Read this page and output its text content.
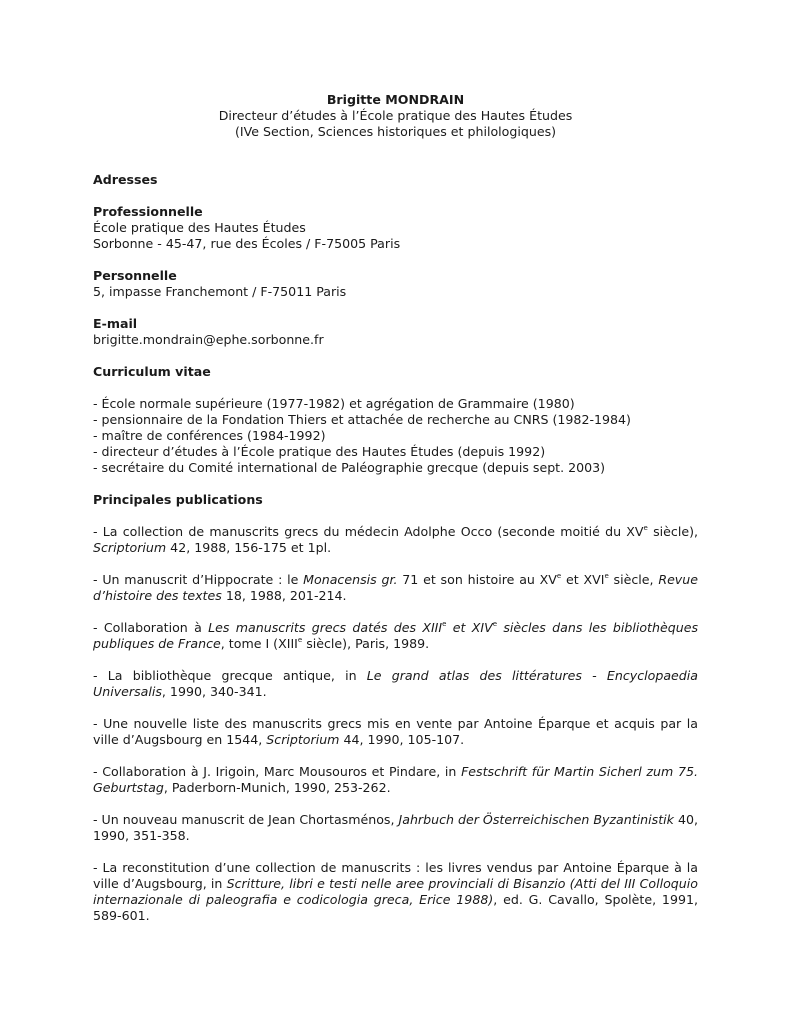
Brigitte MONDRAIN
Directeur d’études à l’École pratique des Hautes Études
(IVe Section, Sciences historiques et philologiques)
Adresses
Professionnelle
École pratique des Hautes Études
Sorbonne - 45-47, rue des Écoles / F-75005 Paris
Personnelle
5, impasse Franchemont / F-75011 Paris
E-mail
brigitte.mondrain@ephe.sorbonne.fr
Curriculum vitae
- École normale supérieure (1977-1982) et agrégation de Grammaire (1980)
- pensionnaire de la Fondation Thiers et attachée de recherche au CNRS (1982-1984)
- maître de conférences (1984-1992)
- directeur d’études à l’École pratique des Hautes Études (depuis 1992)
- secrétaire du Comité international de Paléographie grecque (depuis sept. 2003)
Principales publications

- La collection de manuscrits grecs du médecin Adolphe Occo (seconde moitié du XVe siècle), Scriptorium 42, 1988, 156-175 et 1pl.

- Un manuscrit d’Hippocrate : le Monacensis gr. 71 et son histoire au XVe et XVIe siècle, Revue d’histoire des textes 18, 1988, 201-214.

- Collaboration à Les manuscrits grecs datés des XIIIe et XIVe siècles dans les bibliothèques publiques de France, tome I (XIIIe siècle), Paris, 1989.

- La bibliothèque grecque antique, in Le grand atlas des littératures - Encyclopaedia Universalis, 1990, 340-341.

- Une nouvelle liste des manuscrits grecs mis en vente par Antoine Éparque et acquis par la ville d’Augsbourg en 1544, Scriptorium 44, 1990, 105-107.

- Collaboration à J. Irigoin, Marc Mousouros et Pindare, in Festschrift für Martin Sicherl zum 75. Geburtstag, Paderborn-Munich, 1990, 253-262.

- Un nouveau manuscrit de Jean Chortasménos, Jahrbuch der Österreichischen Byzantinistik 40, 1990, 351-358.

- La reconstitution d’une collection de manuscrits : les livres vendus par Antoine Éparque à la ville d’Augsbourg, in Scritture, libri e testi nelle aree provinciali di Bisanzio (Atti del III Colloquio internazionale di paleografia e codicologia greca, Erice 1988), ed. G. Cavallo, Spolète, 1991, 589-601.
